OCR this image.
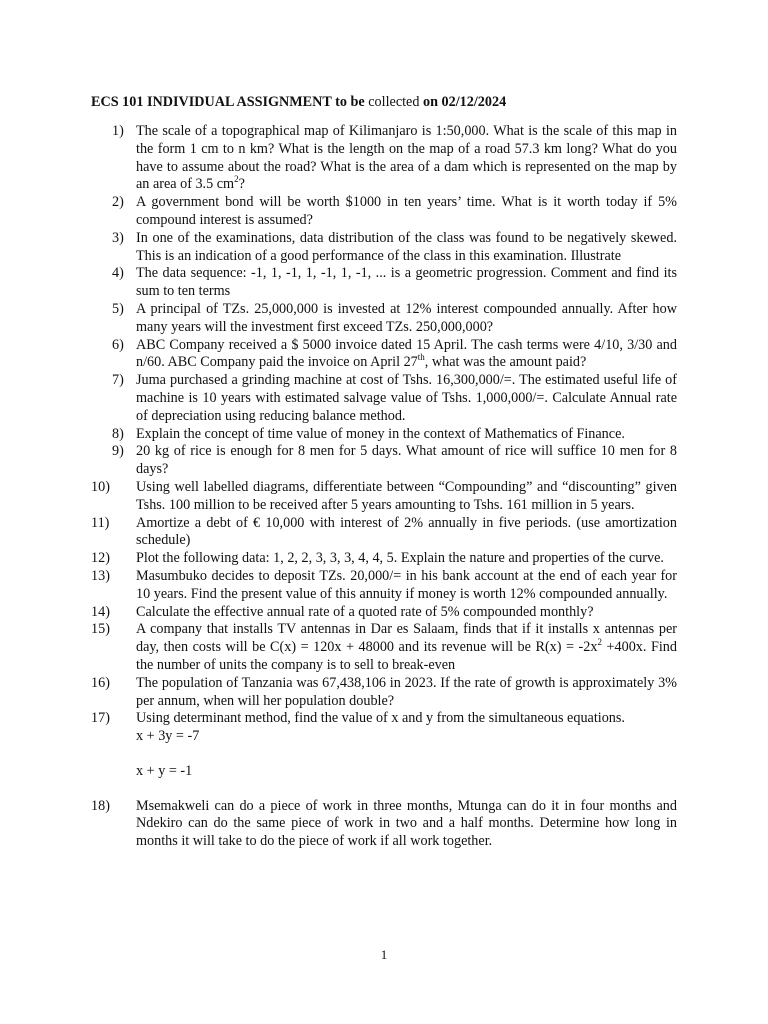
ECS 101 INDIVIDUAL ASSIGNMENT to be collected on 02/12/2024
1) The scale of a topographical map of Kilimanjaro is 1:50,000. What is the scale of this map in the form 1 cm to n km? What is the length on the map of a road 57.3 km long? What do you have to assume about the road? What is the area of a dam which is represented on the map by an area of 3.5 $cm^2$?
2) A government bond will be worth $1000 in ten years’ time. What is it worth today if 5% compound interest is assumed?
3) In one of the examinations, data distribution of the class was found to be negatively skewed. This is an indication of a good performance of the class in this examination. Illustrate
4) The data sequence: -1, 1, -1, 1, -1, 1, -1, ... is a geometric progression. Comment and find its sum to ten terms
5) A principal of TZs. 25,000,000 is invested at 12% interest compounded annually. After how many years will the investment first exceed TZs. 250,000,000?
6) ABC Company received a $ 5000 invoice dated 15 April. The cash terms were 4/10, 3/30 and n/60. ABC Company paid the invoice on April 27th, what was the amount paid?
7) Juma purchased a grinding machine at cost of Tshs. 16,300,000/=. The estimated useful life of machine is 10 years with estimated salvage value of Tshs. 1,000,000/=. Calculate Annual rate of depreciation using reducing balance method.
8) Explain the concept of time value of money in the context of Mathematics of Finance.
9) 20 kg of rice is enough for 8 men for 5 days. What amount of rice will suffice 10 men for 8 days?
10) Using well labelled diagrams, differentiate between “Compounding” and “discounting” given Tshs. 100 million to be received after 5 years amounting to Tshs. 161 million in 5 years.
11) Amortize a debt of € 10,000 with interest of 2% annually in five periods. (use amortization schedule)
12) Plot the following data: 1, 2, 2, 3, 3, 3, 4, 4, 5. Explain the nature and properties of the curve.
13) Masumbuko decides to deposit TZs. 20,000/= in his bank account at the end of each year for 10 years. Find the present value of this annuity if money is worth 12% compounded annually.
14) Calculate the effective annual rate of a quoted rate of 5% compounded monthly?
15) A company that installs TV antennas in Dar es Salaam, finds that if it installs x antennas per day, then costs will be C(x) = 120x + 48000 and its revenue will be $R(x) = -2x^2 +400x$. Find the number of units the company is to sell to break-even
16) The population of Tanzania was 67,438,106 in 2023. If the rate of growth is approximately 3% per annum, when will her population double?
17) Using determinant method, find the value of x and y from the simultaneous equations.
x + 3y = -7
x + y = -1
18) Msemakweli can do a piece of work in three months, Mtunga can do it in four months and Ndekiro can do the same piece of work in two and a half months. Determine how long in months it will take to do the piece of work if all work together.
1
